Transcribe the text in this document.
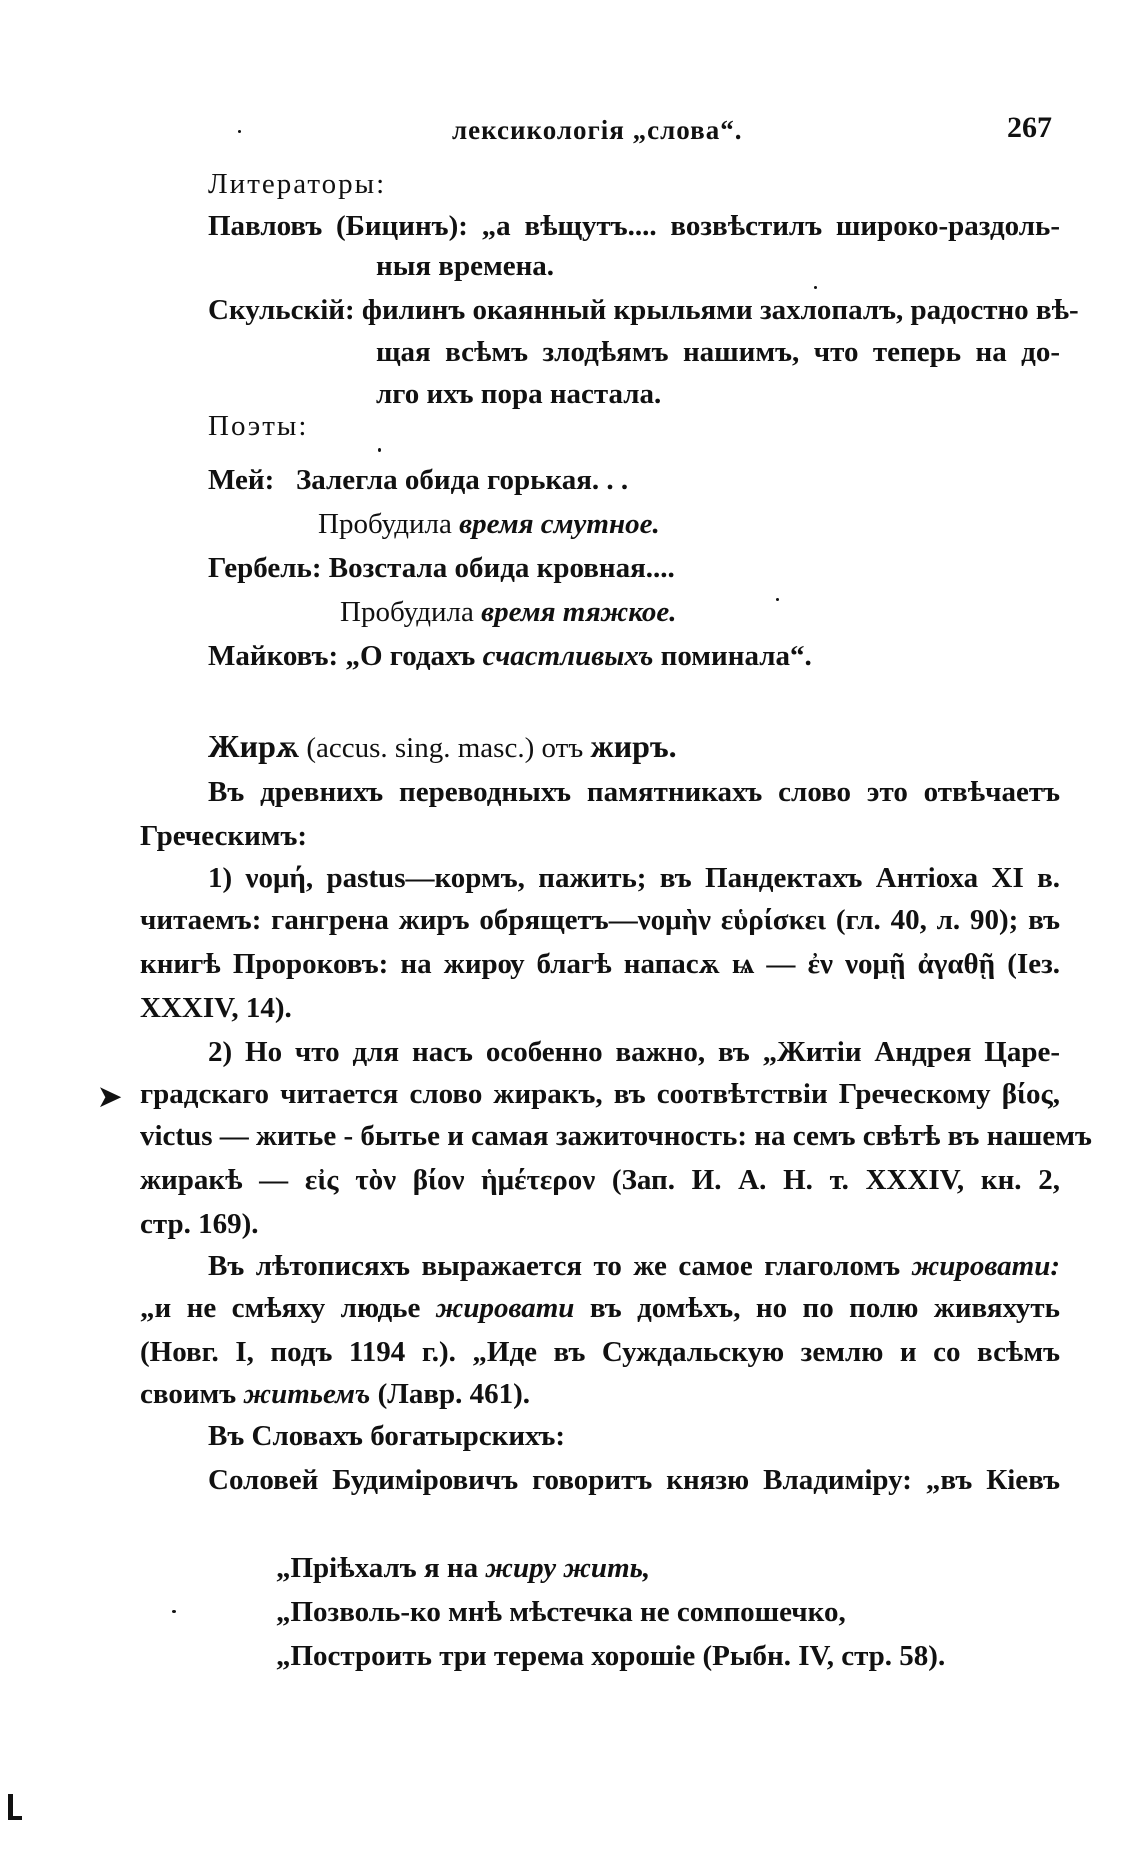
лексикологія „слова“.	267
Литераторы:
Павловъ (Бицинъ): „а вѣщутъ.... возвѣстилъ широко-раздоль-
ныя времена.
Скульскій: филинъ окаянный крыльями захлопалъ, радостно вѣ-
щая всѣмъ злодѣямъ нашимъ, что теперь на до-
лго ихъ пора настала.
Поэты:
Мей:   Залегла обида горькая. . .
Пробудила время смутное.
Гербель: Возстала обида кровная....
Пробудила время тяжкое.
Майковъ: „О годахъ счастливыхъ поминала“.
Жирѫ (accus. sing. masc.) отъ жиръ.
Въ древнихъ переводныхъ памятникахъ слово это отвѣчаетъ
Греческимъ:
1) νομή, pastus—кормъ, пажить; въ Пандектахъ Антіоха XI в.
читаемъ: гангрена жиръ обрящетъ—νομὴν εὑρίσκει (гл. 40, л. 90); въ
книгѣ Пророковъ: на жирѹ благѣ напасѫ ѩ — ἐν νομῇ ἀγαθῇ (Іез.
XXXIV, 14).
2) Но что для насъ особенно важно, въ „Житіи Андрея Царе-
градскаго читается слово жиракъ, въ соотвѣтствіи Греческому βίος,
victus — житье - бытье и самая зажиточность: на семъ свѣтѣ въ нашемъ
жиракѣ — εἰς τὸν βίον ἡμέτερον (Зап. И. А. Н. т. XXXIV, кн. 2,
стр. 169).
Въ лѣтописяхъ выражается то же самое глаголомъ жировати:
„и не смѣяху людье жировати въ домѣхъ, но по полю живяхуть
(Новг. I, подъ 1194 г.). „Иде въ Суждальскую землю и со всѣмъ
своимъ житьемъ (Лавр. 461).
Въ Словахъ богатырскихъ:
Соловей Будиміровичъ говоритъ князю Владиміру: „въ Кіевъ
„Пріѣхалъ я на жиру жить,
„Позволь-ко мнѣ мѣстечка не сомпошечко,
„Построить три терема хорошіе (Рыбн. IV, стр. 58).
➤
